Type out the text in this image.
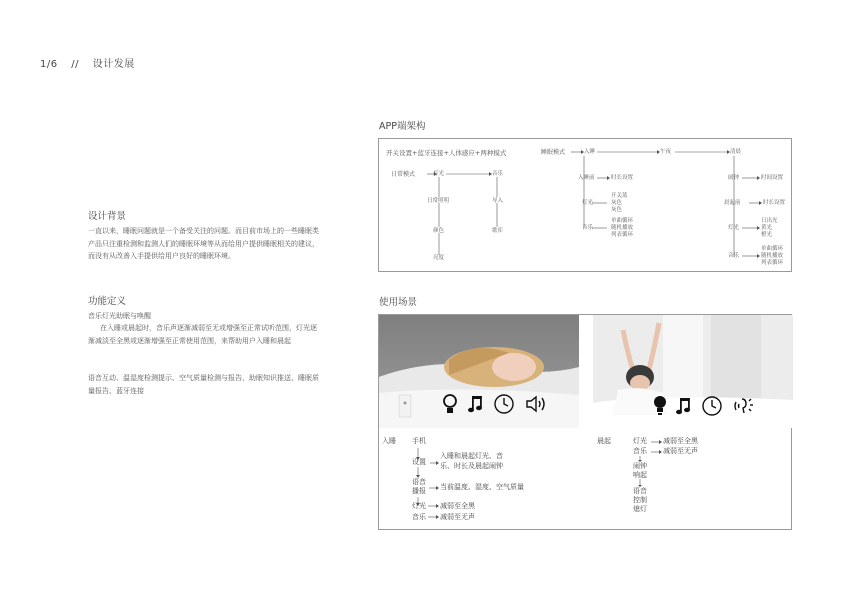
1/6 // 设计发展
设计背景
一直以来，睡眠问题就是一个备受关注的问题。而目前市场上的一些睡眠类产品只注重检测和监测人们的睡眠环境等从而给用户提供睡眠相关的建议，而没有从改善入手提供给用户良好的睡眠环境。
功能定义
音乐灯光助眠与唤醒
在入睡或晨起时，音乐声逐渐减弱至无或增强至正常试听范围，灯光逐渐减淡至全黑或逐渐增强至正常使用范围，来帮助用户入睡和晨起
语音互动、温湿度检测提示、空气质量检测与报告、助眠知识推送、睡眠质量报告、蓝牙连接
APP端架构
开关设置+蓝牙连接+人体感应+两种模式
日常模式	灯光	音乐
日常照明
颜色
亮度
导入
歌库
睡眠模式	入睡	午夜	清晨
入睡前	时长设置
灯光
开关蓝
灰色
灰色
音乐
单曲循环
随机播放
列表循环
闹钟	时间设置
晨起前	时长设置
灯光
日出光
黄光
橙光
音乐
单曲循环
随机播放
列表循环
使用场景
入睡 手机
设置
入睡和晨起灯光、音
乐、时长及晨起闹钟
语音
播报 当前温度、湿度、空气质量
灯光 减弱至全黑
音乐 减弱至无声
晨起	灯光 减弱至全黑
音乐 减弱至无声
闹钟
响起
语音
控制
熄灯
